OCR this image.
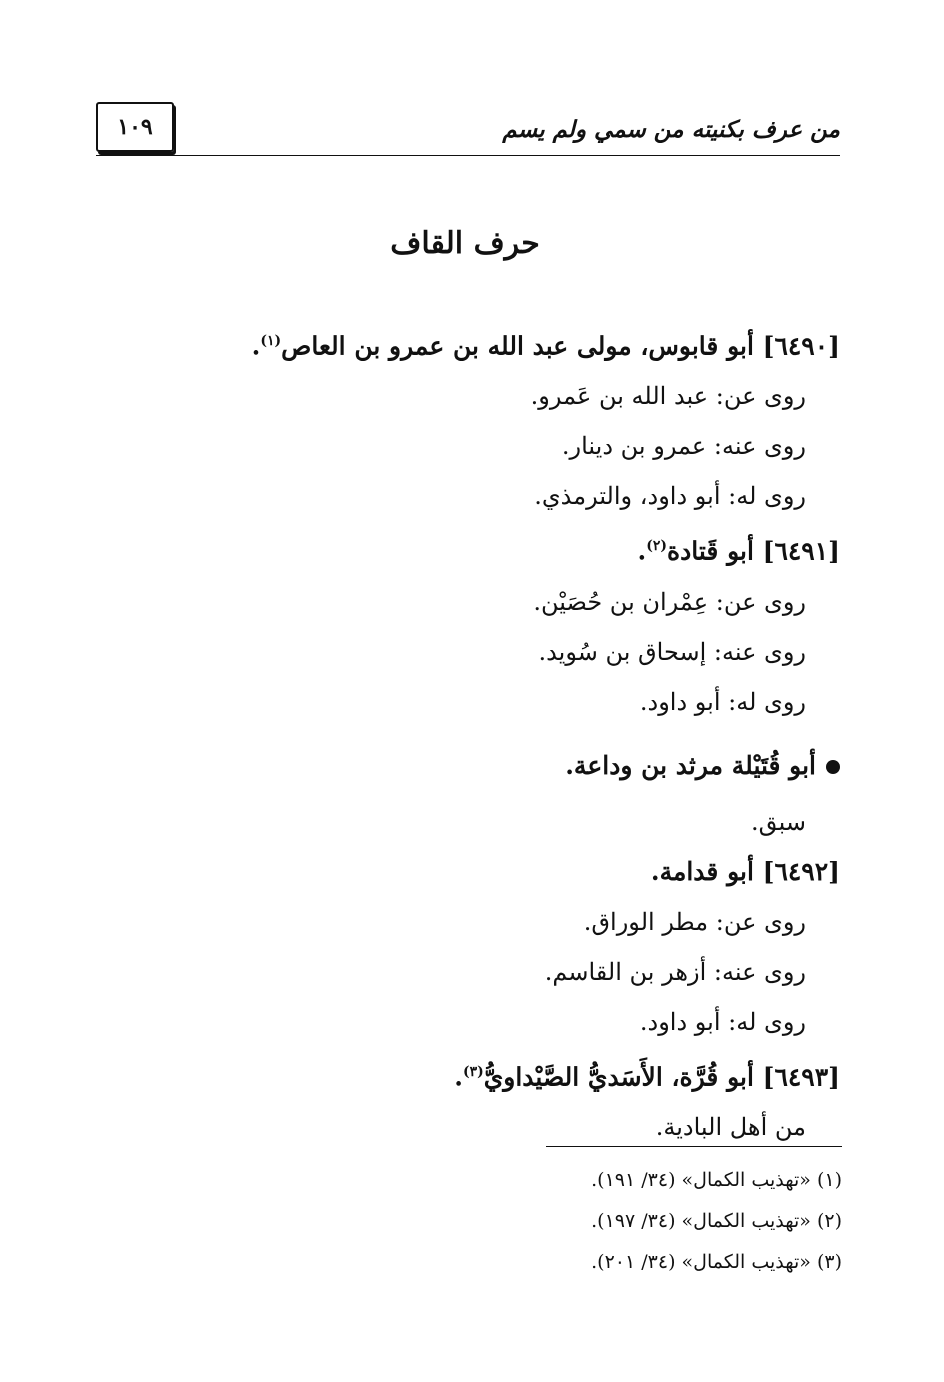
١٠٩	من عرف بكنيته من سمي ولم يسم
حرف القاف
[٦٤٩٠] أبو قابوس، مولى عبد الله بن عمرو بن العاص$^{(١)}$.
روى عن: عبد الله بن عَمرو.
روى عنه: عمرو بن دينار.
روى له: أبو داود، والترمذي.
[٦٤٩١] أبو قَتادة$^{(٢)}$.
روى عن: عِمْران بن حُصَيْن.
روى عنه: إسحاق بن سُويد.
روى له: أبو داود.
أبو قُتَيْلة مرثد بن وداعة.
سبق.
[٦٤٩٢] أبو قدامة.
روى عن: مطر الوراق.
روى عنه: أزهر بن القاسم.
روى له: أبو داود.
[٦٤٩٣] أبو قُرَّة، الأَسَديُّ الصَّيْداويُّ$^{(٣)}$.
من أهل البادية.
(١) «تهذيب الكمال» (٣٤/ ١٩١).
(٢) «تهذيب الكمال» (٣٤/ ١٩٧).
(٣) «تهذيب الكمال» (٣٤/ ٢٠١).
